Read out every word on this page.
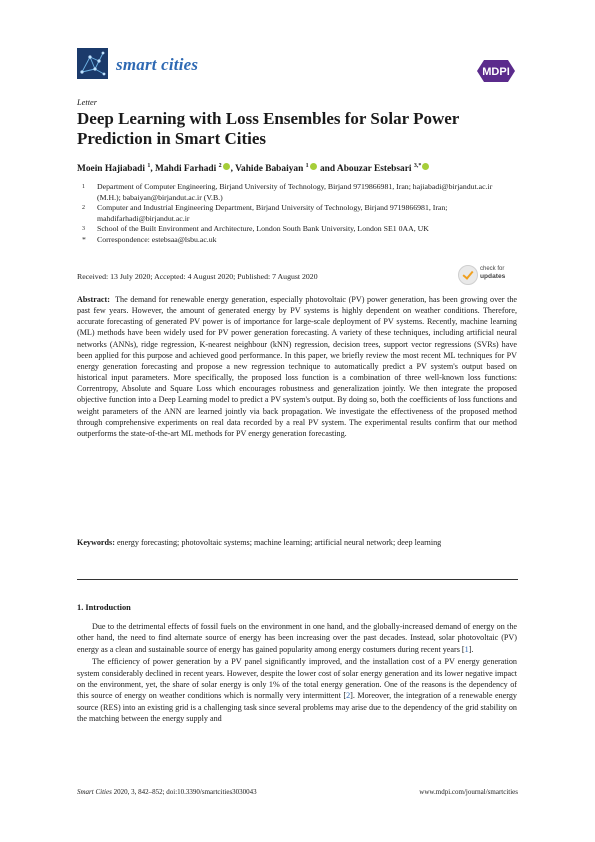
smart cities	MDPI
Letter
Deep Learning with Loss Ensembles for Solar Power Prediction in Smart Cities
Moein Hajiabadi $^1$, Mahdi Farhadi $^2$ , Vahide Babaiyan $^1$ and Abouzar Estebsari $^{3,*}$
1 Department of Computer Engineering, Birjand University of Technology, Birjand 9719866981, Iran; hajiabadi@birjandut.ac.ir (M.H.); babaiyan@birjandut.ac.ir (V.B.)
2 Computer and Industrial Engineering Department, Birjand University of Technology, Birjand 9719866981, Iran; mahdifarhadi@birjandut.ac.ir
3 School of the Built Environment and Architecture, London South Bank University, London SE1 0AA, UK
* Correspondence: estebsaa@lsbu.ac.uk
Received: 13 July 2020; Accepted: 4 August 2020; Published: 7 August 2020
check for
updates

Abstract: The demand for renewable energy generation, especially photovoltaic (PV) power generation, has been growing over the past few years. However, the amount of generated energy by PV systems is highly dependent on weather conditions. Therefore, accurate forecasting of generated PV power is of importance for large-scale deployment of PV systems. Recently, machine learning (ML) methods have been widely used for PV power generation forecasting. A variety of these techniques, including artificial neural networks (ANNs), ridge regression, K-nearest neighbour (kNN) regression, decision trees, support vector regressions (SVRs) have been applied for this purpose and achieved good performance. In this paper, we briefly review the most recent ML techniques for PV energy generation forecasting and propose a new regression technique to automatically predict a PV system's output based on historical input parameters. More specifically, the proposed loss function is a combination of three well-known loss functions: Correntropy, Absolute and Square Loss which encourages robustness and generalization jointly. We then integrate the proposed objective function into a Deep Learning model to predict a PV system's output. By doing so, both the coefficients of loss functions and weight parameters of the ANN are learned jointly via back propagation. We investigate the effectiveness of the proposed method through comprehensive experiments on real data recorded by a real PV system. The experimental results confirm that our method outperforms the state-of-the-art ML methods for PV energy generation forecasting.

Keywords: energy forecasting; photovoltaic systems; machine learning; artificial neural network; deep learning

1. Introduction

Due to the detrimental effects of fossil fuels on the environment in one hand, and the globally-increased demand of energy on the other hand, the need to find alternate source of energy has been increasing over the past decades. Instead, solar photovoltaic (PV) energy as a clean and sustainable source of energy has gained popularity among energy costumers during recent years [1].

The efficiency of power generation by a PV panel significantly improved, and the installation cost of a PV energy generation system considerably declined in recent years. However, despite the lower cost of solar energy generation and its lower negative impact on the environment, yet, the share of solar energy is only 1% of the total energy generation. One of the reasons is the dependency of this source of energy on weather conditions which is normally very intermittent [2]. Moreover, the integration of a renewable energy source (RES) into an existing grid is a challenging task since several problems may arise due to the dependency of the grid stability on the matching between the energy supply and

Smart Cities 2020, 3, 842–852; doi:10.3390/smartcities3030043	www.mdpi.com/journal/smartcities
